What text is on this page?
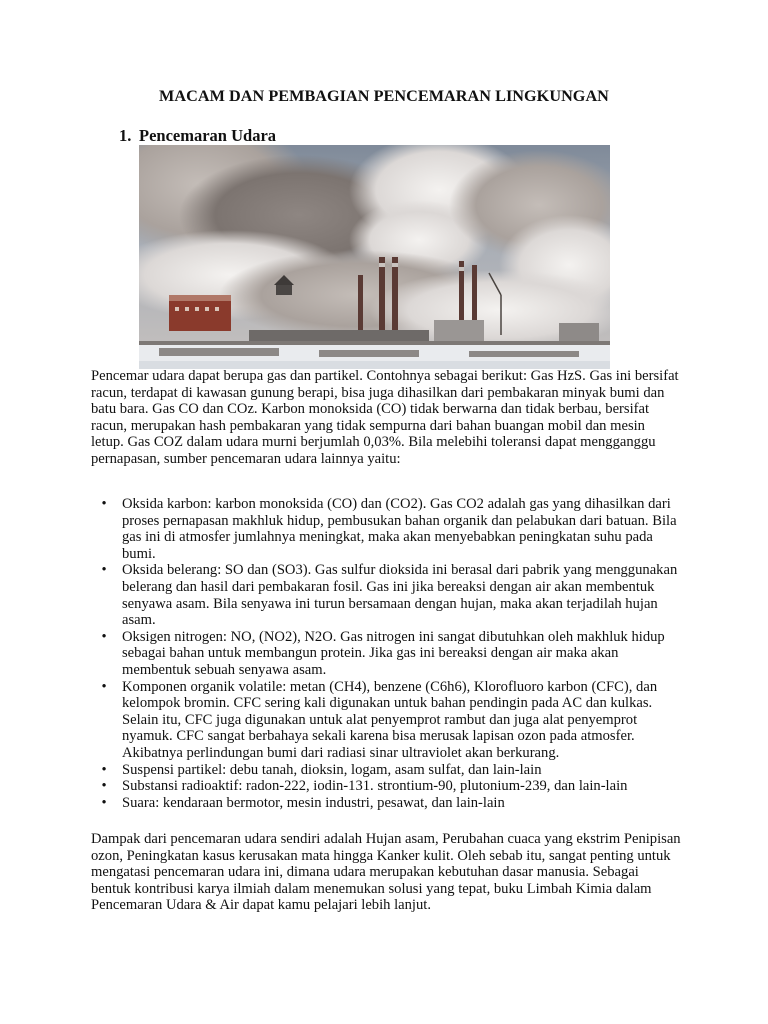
MACAM DAN PEMBAGIAN PENCEMARAN LINGKUNGAN
1. Pencemaran Udara

Pencemar udara dapat berupa gas dan partikel. Contohnya sebagai berikut: Gas HzS. Gas ini bersifat racun, terdapat di kawasan gunung berapi, bisa juga dihasilkan dari pembakaran minyak bumi dan batu bara. Gas CO dan COz. Karbon monoksida (CO) tidak berwarna dan tidak berbau, bersifat racun, merupakan hash pembakaran yang tidak sempurna dari bahan buangan mobil dan mesin letup. Gas COZ dalam udara murni berjumlah 0,03%. Bila melebihi toleransi dapat mengganggu pernapasan, sumber pencemaran udara lainnya yaitu:

• Oksida karbon: karbon monoksida (CO) dan (CO2). Gas CO2 adalah gas yang dihasilkan dari proses pernapasan makhluk hidup, pembusukan bahan organik dan pelabukan dari batuan. Bila gas ini di atmosfer jumlahnya meningkat, maka akan menyebabkan peningkatan suhu pada bumi.
• Oksida belerang: SO dan (SO3). Gas sulfur dioksida ini berasal dari pabrik yang menggunakan belerang dan hasil dari pembakaran fosil. Gas ini jika bereaksi dengan air akan membentuk senyawa asam. Bila senyawa ini turun bersamaan dengan hujan, maka akan terjadilah hujan asam.
• Oksigen nitrogen: NO, (NO2), N2O. Gas nitrogen ini sangat dibutuhkan oleh makhluk hidup sebagai bahan untuk membangun protein. Jika gas ini bereaksi dengan air maka akan membentuk sebuah senyawa asam.
• Komponen organik volatile: metan (CH4), benzene (C6h6), Klorofluoro karbon (CFC), dan kelompok bromin. CFC sering kali digunakan untuk bahan pendingin pada AC dan kulkas. Selain itu, CFC juga digunakan untuk alat penyemprot rambut dan juga alat penyemprot nyamuk. CFC sangat berbahaya sekali karena bisa merusak lapisan ozon pada atmosfer. Akibatnya perlindungan bumi dari radiasi sinar ultraviolet akan berkurang.
• Suspensi partikel: debu tanah, dioksin, logam, asam sulfat, dan lain-lain
• Substansi radioaktif: radon-222, iodin-131. strontium-90, plutonium-239, dan lain-lain
• Suara: kendaraan bermotor, mesin industri, pesawat, dan lain-lain

Dampak dari pencemaran udara sendiri adalah Hujan asam, Perubahan cuaca yang ekstrim Penipisan ozon, Peningkatan kasus kerusakan mata hingga Kanker kulit. Oleh sebab itu, sangat penting untuk mengatasi pencemaran udara ini, dimana udara merupakan kebutuhan dasar manusia. Sebagai bentuk kontribusi karya ilmiah dalam menemukan solusi yang tepat, buku Limbah Kimia dalam Pencemaran Udara & Air dapat kamu pelajari lebih lanjut.
